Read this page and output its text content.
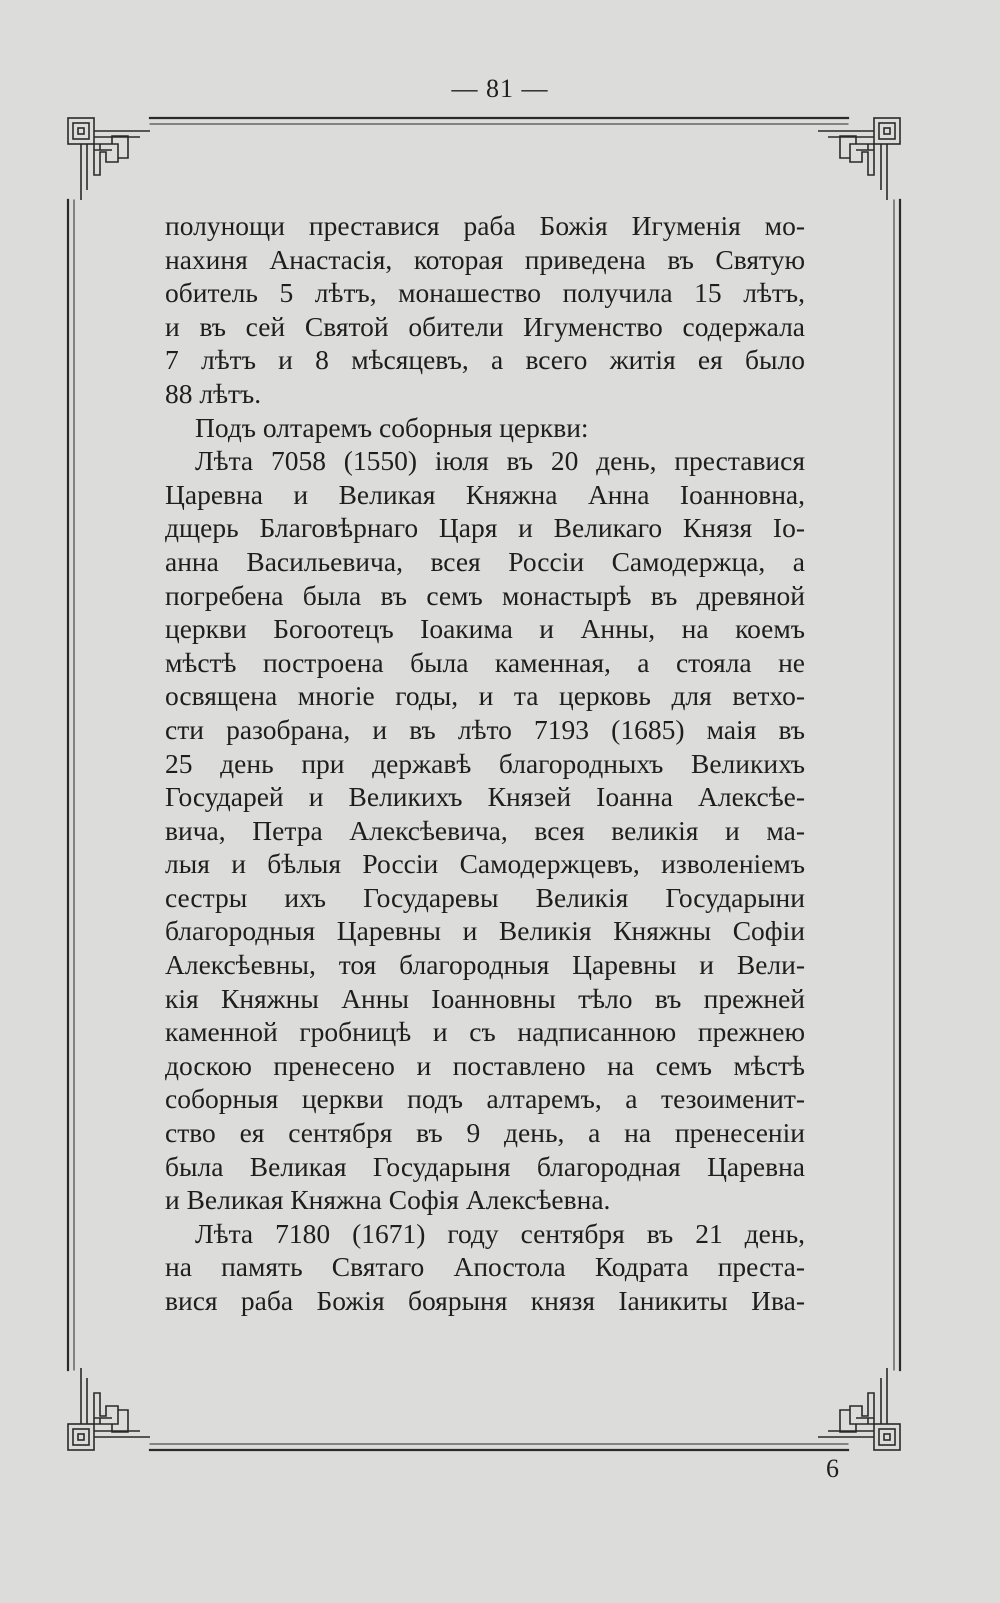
— 81 —
полунощи преставися раба Божія Игуменія мо-
нахиня Анастасія, которая приведена въ Святую
обитель 5 лѣтъ, монашество получила 15 лѣтъ,
и въ сей Святой обители Игуменство содержала
7 лѣтъ и 8 мѣсяцевъ, а всего житія ея было
88 лѣтъ.
Подъ олтаремъ соборныя церкви:
Лѣта 7058 (1550) іюля въ 20 день, преставися
Царевна и Великая Княжна Анна Іоанновна,
дщерь Благовѣрнаго Царя и Великаго Князя Іо-
анна Васильевича, всея Россіи Самодержца, а
погребена была въ семъ монастырѣ въ древяной
церкви Богоотецъ Іоакима и Анны, на коемъ
мѣстѣ построена была каменная, а стояла не
освящена многіе годы, и та церковь для ветхо-
сти разобрана, и въ лѣто 7193 (1685) маія въ
25 день при державѣ благородныхъ Великихъ
Государей и Великихъ Князей Іоанна Алексѣе-
вича, Петра Алексѣевича, всея великія и ма-
лыя и бѣлыя Россіи Самодержцевъ, изволеніемъ
сестры ихъ Государевы Великія Государыни
благородныя Царевны и Великія Княжны Софіи
Алексѣевны, тоя благородныя Царевны и Вели-
кія Княжны Анны Іоанновны тѣло въ прежней
каменной гробницѣ и съ надписанною прежнею
доскою пренесено и поставлено на семъ мѣстѣ
соборныя церкви подъ алтаремъ, а тезоименит-
ство ея сентября въ 9 день, а на пренесеніи
была Великая Государыня благородная Царевна
и Великая Княжна Софія Алексѣевна.
Лѣта 7180 (1671) году сентября въ 21 день,
на память Святаго Апостола Кодрата преста-
вися раба Божія боярыня князя Іаникиты Ива-
6
